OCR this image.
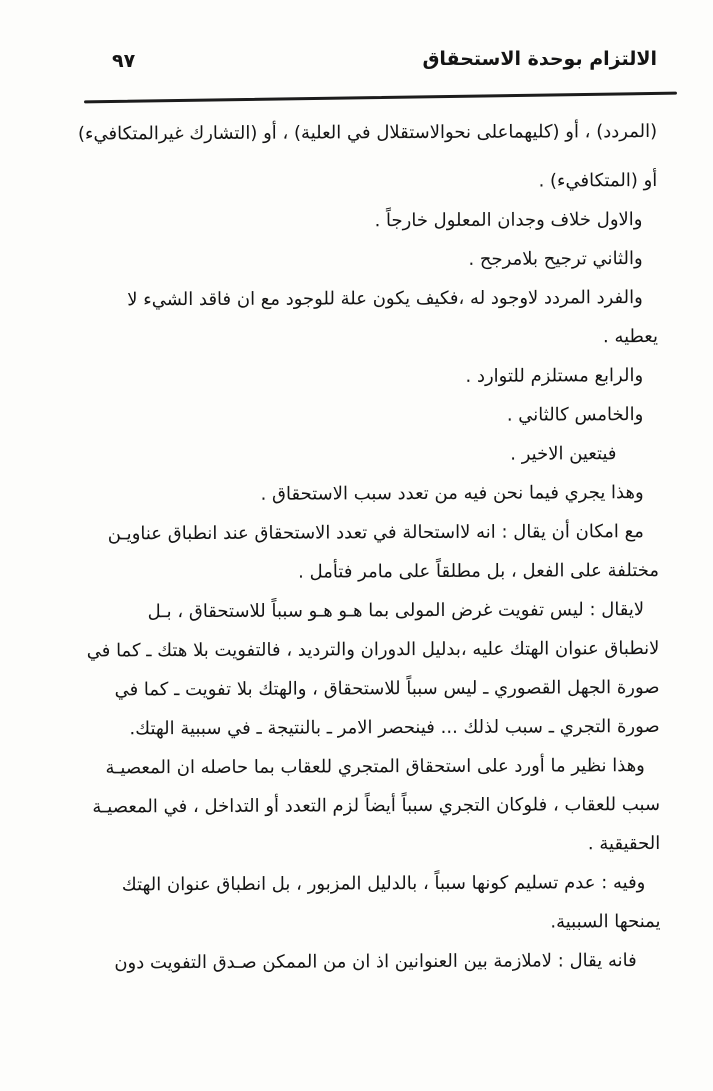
الالتزام بوحدة الاستحقاق
٩٧
(المردد) ، أو (كليهماعلى نحوالاستقلال في العلية) ، أو (التشارك غيرالمتكافيء)
أو (المتكافيء) .
والاول خلاف وجدان المعلول خارجاً .
والثاني ترجيح بلامرجح .
والفرد المردد لاوجود له ،فكيف يكون علة للوجود مع ان فاقد الشيء لا
يعطيه .
والرابع مستلزم للتوارد .
والخامس كالثاني .
فيتعين الاخير .
وهذا يجري فيما نحن فيه من تعدد سبب الاستحقاق .
مع امكان أن يقال : انه لااستحالة في تعدد الاستحقاق عند انطباق عناويـن
مختلفة على الفعل ، بل مطلقاً على مامر فتأمل .
لايقال : ليس تفويت غرض المولى بما هـو هـو سبباً للاستحقاق ، بـل
لانطباق عنوان الهتك عليه ،بدليل الدوران والترديد ، فالتفويت بلا هتك ـ كما في
صورة الجهل القصوري ـ ليس سبباً للاستحقاق ، والهتك بلا تفويت ـ كما في
صورة التجري ـ سبب لذلك ... فينحصر الامر ـ بالنتيجة ـ في سببية الهتك.
وهذا نظير ما أورد على استحقاق المتجري للعقاب بما حاصله ان المعصيـة
سبب للعقاب ، فلوكان التجري سبباً أيضاً لزم التعدد أو التداخل ، في المعصيـة
الحقيقية .
وفيه : عدم تسليم كونها سبباً ، بالدليل المزبور ، بل انطباق عنوان الهتك
يمنحها السببية.
فانه يقال : لاملازمة بين العنوانين اذ ان من الممكن صـدق التفويت دون
